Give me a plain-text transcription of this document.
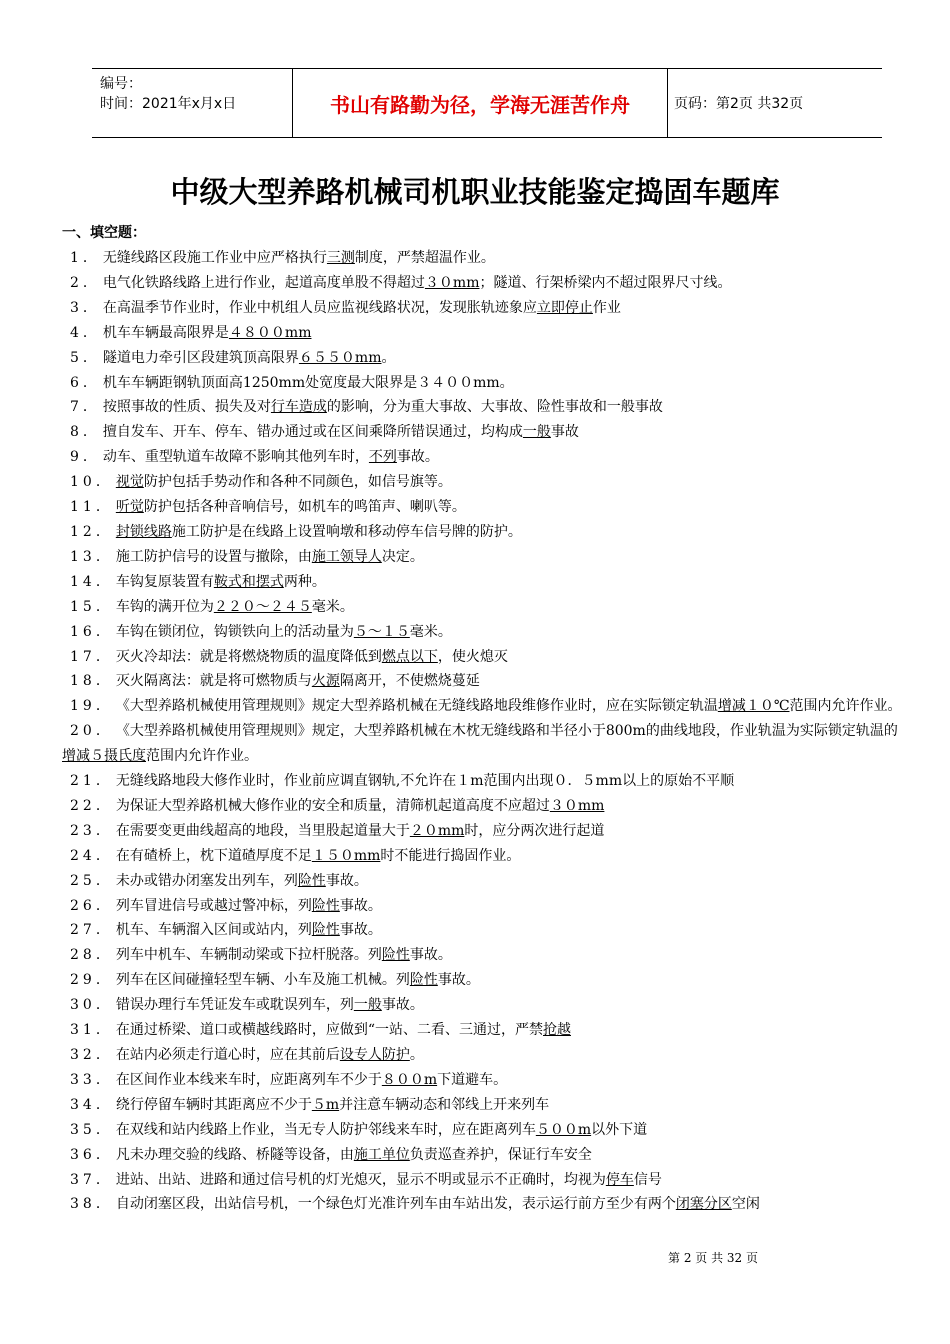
编号：
时间：2021年x月x日	书山有路勤为径，学海无涯苦作舟	页码：第2页 共32页
中级大型养路机械司机职业技能鉴定捣固车题库
一、填空题：
1． 无缝线路区段施工作业中应严格执行三测制度，严禁超温作业。
2． 电气化铁路线路上进行作业，起道高度单股不得超过３０mm；隧道、行架桥梁内不超过限界尺寸线。
3． 在高温季节作业时，作业中机组人员应监视线路状况，发现胀轨迹象应立即停止作业
4． 机车车辆最高限界是４８００mm
5． 隧道电力牵引区段建筑顶高限界６５５０mm。
6． 机车车辆距钢轨顶面高1250mm处宽度最大限界是３４００mm。
7． 按照事故的性质、损失及对行车造成的影响，分为重大事故、大事故、险性事故和一般事故
8． 擅自发车、开车、停车、错办通过或在区间乘降所错误通过，均构成一般事故
9． 动车、重型轨道车故障不影响其他列车时，不列事故。
10． 视觉防护包括手势动作和各种不同颜色，如信号旗等。
11． 听觉防护包括各种音响信号，如机车的鸣笛声、喇叭等。
12． 封锁线路施工防护是在线路上设置响墩和移动停车信号牌的防护。
13． 施工防护信号的设置与撤除，由施工领导人决定。
14． 车钩复原装置有鞍式和摆式两种。
15． 车钩的满开位为２２０～２４５毫米。
16． 车钩在锁闭位，钩锁铁向上的活动量为５～１５毫米。
17． 灭火冷却法：就是将燃烧物质的温度降低到燃点以下，使火熄灭
18． 灭火隔离法：就是将可燃物质与火源隔离开，不使燃烧蔓延
19． 《大型养路机械使用管理规则》规定大型养路机械在无缝线路地段维修作业时，应在实际锁定轨温增减１０℃范围内允许作业。
20． 《大型养路机械使用管理规则》规定，大型养路机械在木枕无缝线路和半径小于800m的曲线地段，作业轨温为实际锁定轨温的增减５摄氏度范围内允许作业。
21． 无缝线路地段大修作业时，作业前应调直钢轨,不允许在１m范围内出现０．５mm以上的原始不平顺
22． 为保证大型养路机械大修作业的安全和质量，清筛机起道高度不应超过３０mm
23． 在需要变更曲线超高的地段，当里股起道量大于２０mm时，应分两次进行起道
24． 在有碴桥上，枕下道碴厚度不足１５０mm时不能进行捣固作业。
25． 未办或错办闭塞发出列车，列险性事故。
26． 列车冒进信号或越过警冲标，列险性事故。
27． 机车、车辆溜入区间或站内，列险性事故。
28． 列车中机车、车辆制动梁或下拉杆脱落。列险性事故。
29． 列车在区间碰撞轻型车辆、小车及施工机械。列险性事故。
30． 错误办理行车凭证发车或耽误列车，列一般事故。
31． 在通过桥梁、道口或横越线路时，应做到“一站、二看、三通过，严禁抢越
32． 在站内必须走行道心时，应在其前后设专人防护。
33． 在区间作业本线来车时，应距离列车不少于８００m下道避车。
34． 绕行停留车辆时其距离应不少于５m并注意车辆动态和邻线上开来列车
35． 在双线和站内线路上作业，当无专人防护邻线来车时，应在距离列车５００m以外下道
36． 凡未办理交验的线路、桥隧等设备，由施工单位负责巡查养护，保证行车安全
37． 进站、出站、进路和通过信号机的灯光熄灭，显示不明或显示不正确时，均视为停车信号
38． 自动闭塞区段，出站信号机，一个绿色灯光准许列车由车站出发，表示运行前方至少有两个闭塞分区空闲
第 2 页 共 32 页
